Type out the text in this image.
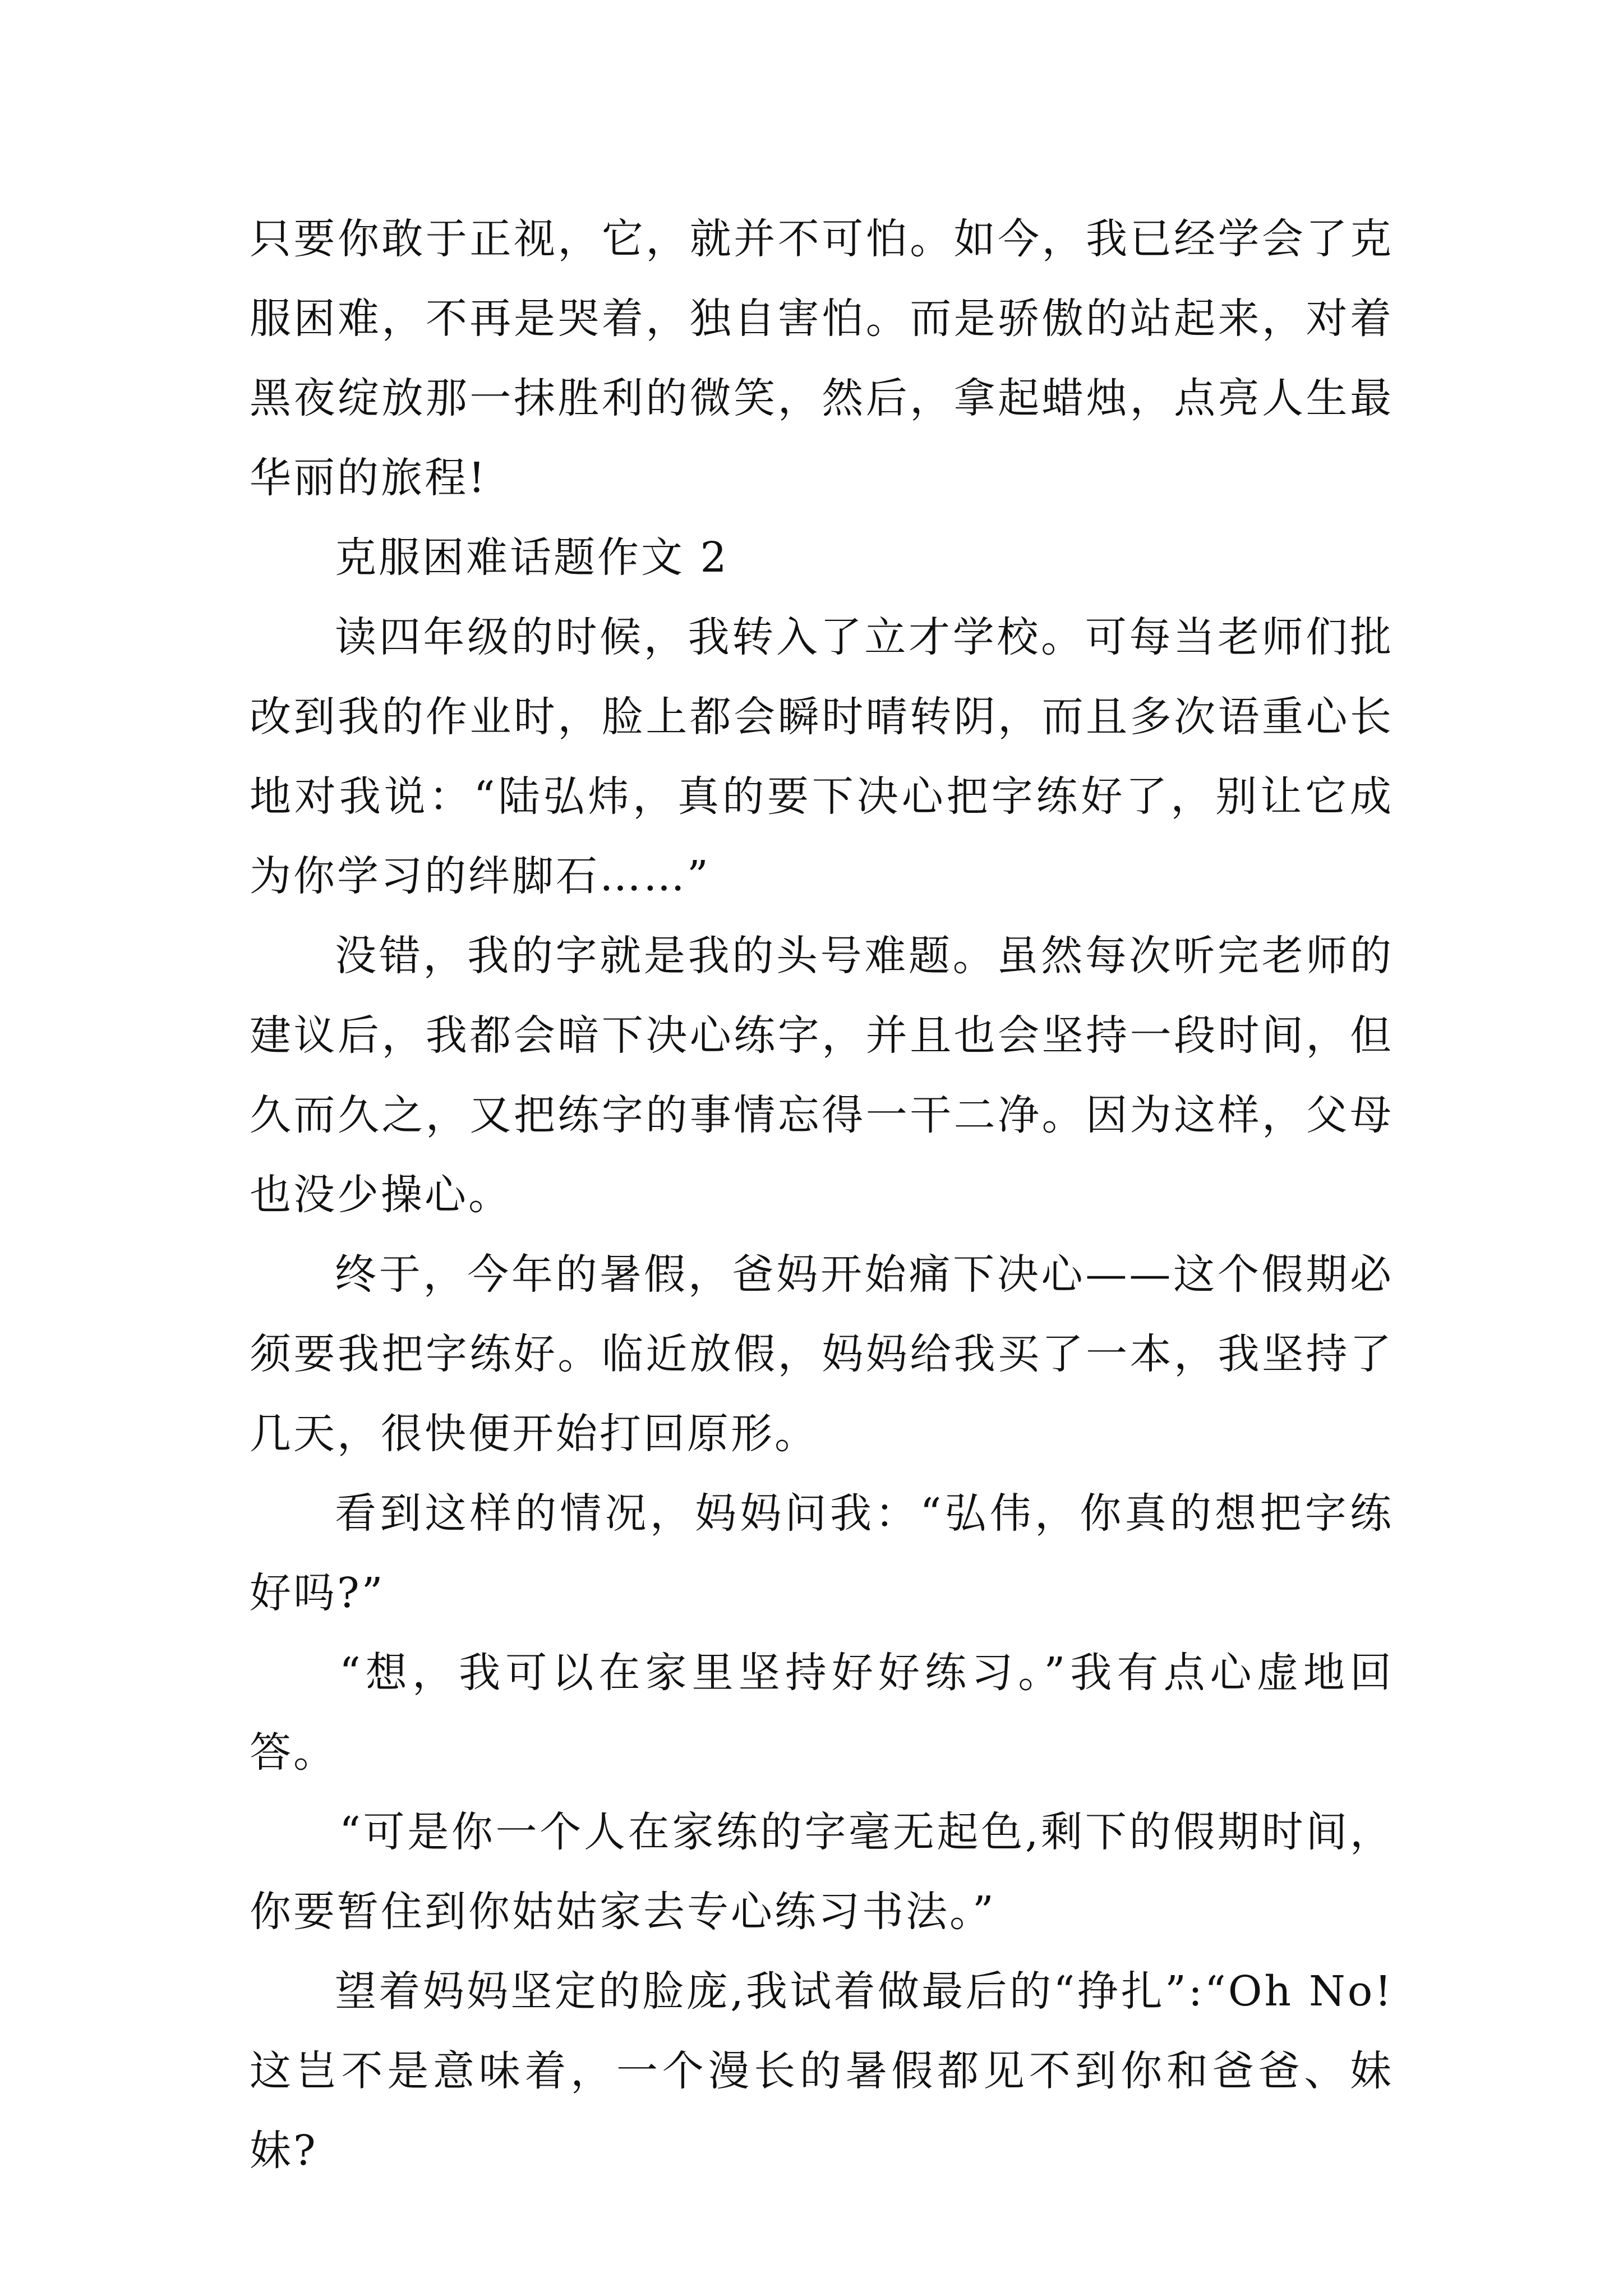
只要你敢于正视，它，就并不可怕。如今，我已经学会了克服困难，不再是哭着，独自害怕。而是骄傲的站起来，对着黑夜绽放那一抹胜利的微笑，然后，拿起蜡烛，点亮人生最华丽的旅程!

克服困难话题作文 2

读四年级的时候，我转入了立才学校。可每当老师们批改到我的作业时，脸上都会瞬时晴转阴，而且多次语重心长地对我说：“陆弘炜，真的要下决心把字练好了，别让它成为你学习的绊脚石……”

没错，我的字就是我的头号难题。虽然每次听完老师的建议后，我都会暗下决心练字，并且也会坚持一段时间，但久而久之，又把练字的事情忘得一干二净。因为这样，父母也没少操心。

终于，今年的暑假，爸妈开始痛下决心——这个假期必须要我把字练好。临近放假，妈妈给我买了一本，我坚持了几天，很快便开始打回原形。

看到这样的情况，妈妈问我：“弘伟，你真的想把字练好吗?”

“想，我可以在家里坚持好好练习。”我有点心虚地回答。

“可是你一个人在家练的字毫无起色,剩下的假期时间，你要暂住到你姑姑家去专心练习书法。”

望着妈妈坚定的脸庞,我试着做最后的“挣扎”:“Oh No!这岂不是意味着，一个漫长的暑假都见不到你和爸爸、妹妹?
